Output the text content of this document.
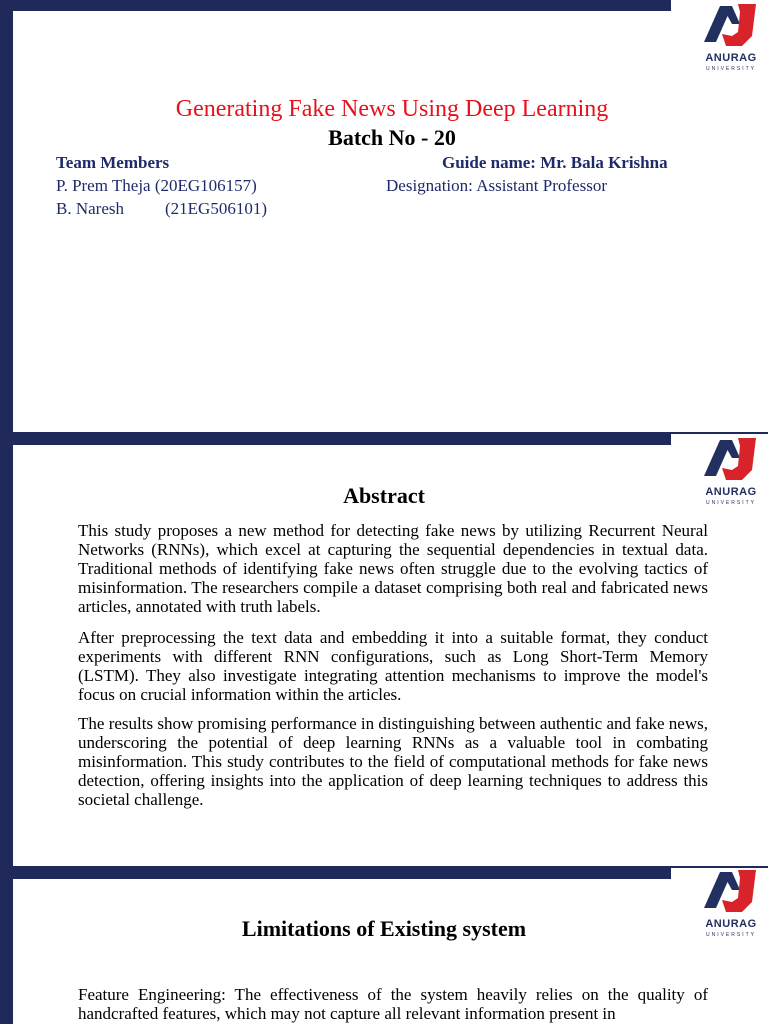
ANURAG
UNIVERSITY
Generating Fake News Using Deep Learning
Batch No - 20
Team Members	Guide name: Mr. Bala Krishna
P. Prem Theja (20EG106157)	Designation: Assistant Professor
B. Naresh (21EG506101)
ANURAG
UNIVERSITY
Abstract

This study proposes a new method for detecting fake news by utilizing Recurrent Neural Networks (RNNs), which excel at capturing the sequential dependencies in textual data. Traditional methods of identifying fake news often struggle due to the evolving tactics of misinformation. The researchers compile a dataset comprising both real and fabricated news articles, annotated with truth labels.

After preprocessing the text data and embedding it into a suitable format, they conduct experiments with different RNN configurations, such as Long Short-Term Memory (LSTM). They also investigate integrating attention mechanisms to improve the model's focus on crucial information within the articles.

The results show promising performance in distinguishing between authentic and fake news, underscoring the potential of deep learning RNNs as a valuable tool in combating misinformation. This study contributes to the field of computational methods for fake news detection, offering insights into the application of deep learning techniques to address this societal challenge.

ANURAG
UNIVERSITY
Limitations of Existing system

Feature Engineering: The effectiveness of the system heavily relies on the quality of handcrafted features, which may not capture all relevant information present in
